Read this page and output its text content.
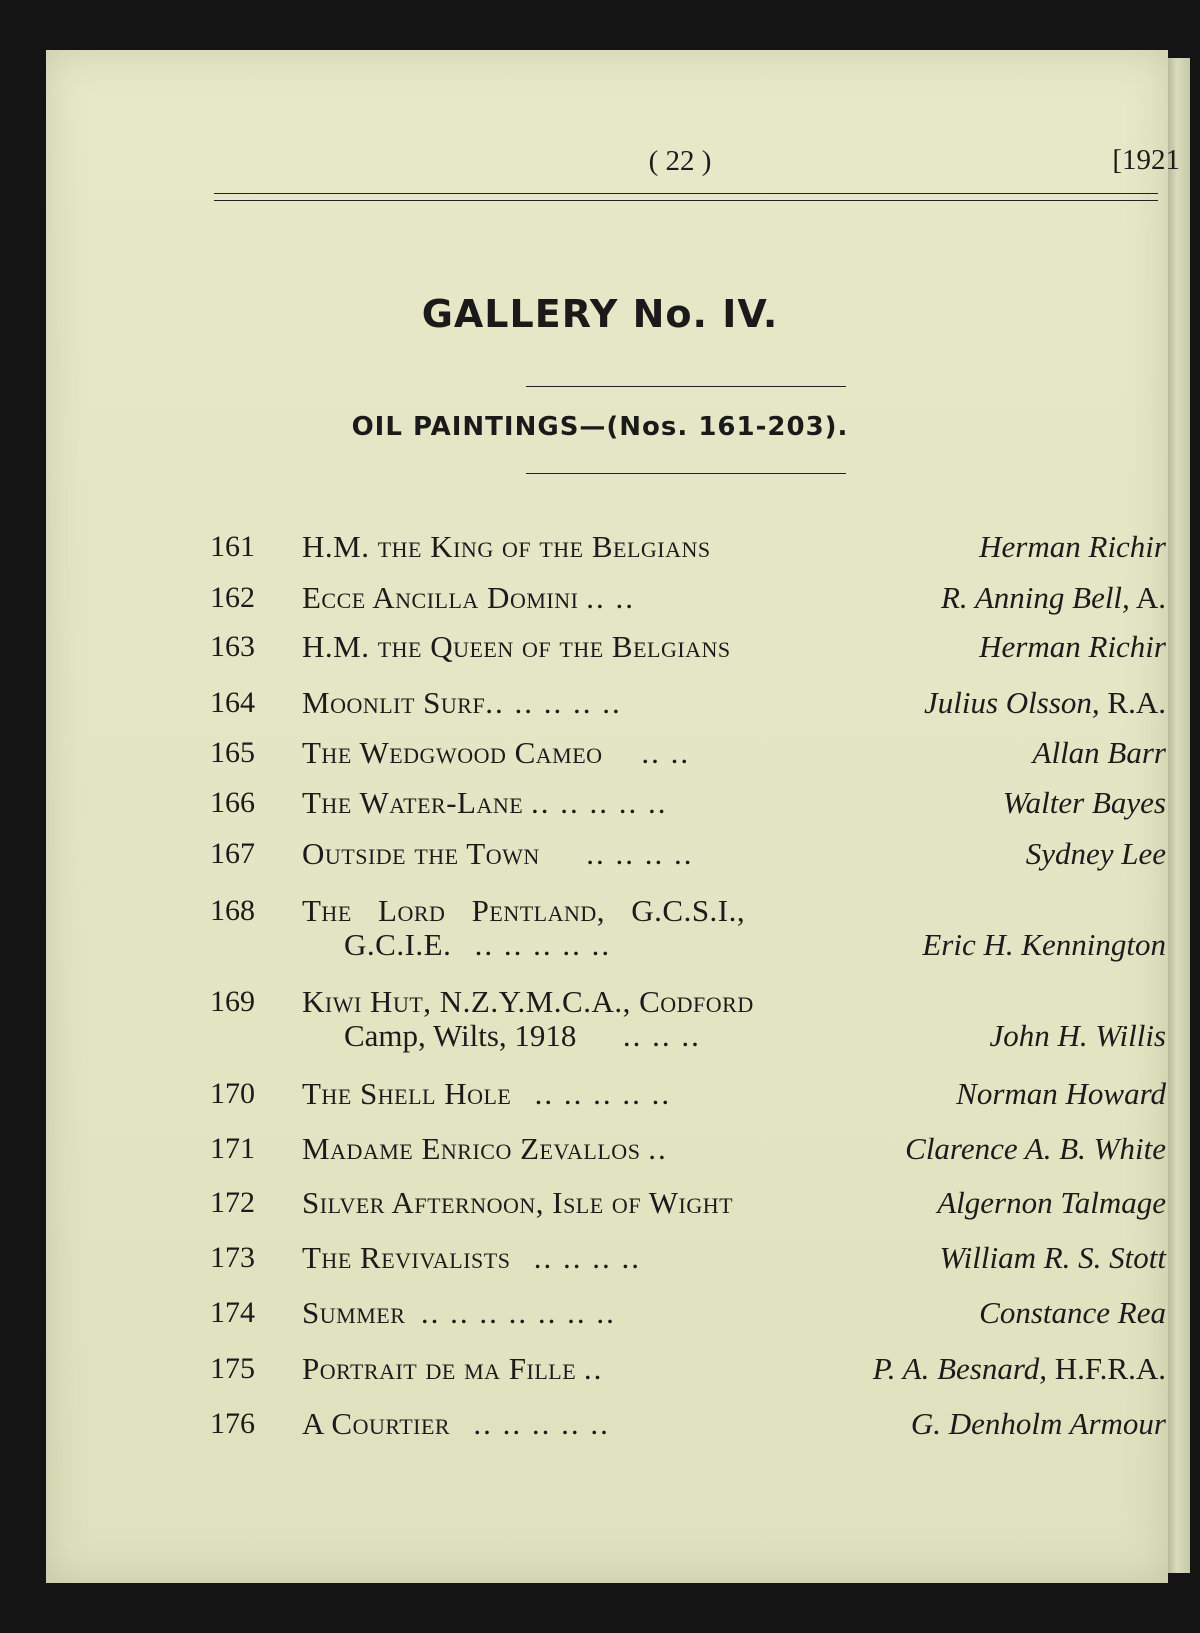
( 22 )	[1921
GALLERY No. IV.
OIL PAINTINGS—(Nos. 161-203).
161	H.M. the King of the Belgians	Herman Richir
162	Ecce Ancilla Domini .. ..	R. Anning Bell, A.
163	H.M. the Queen of the Belgians	Herman Richir
164	Moonlit Surf.. .. .. .. ..	Julius Olsson, R.A.
165	The Wedgwood Cameo .. ..	Allan Barr
166	The Water-Lane .. .. .. .. ..	Walter Bayes
167	Outside the Town .. .. .. ..	Sydney Lee
168	The Lord Pentland, G.C.S.I.,
G.C.I.E. .. .. .. .. ..	Eric H. Kennington
169	Kiwi Hut, N.Z.Y.M.C.A., Codford
Camp, Wilts, 1918 .. .. ..	John H. Willis
170	The Shell Hole .. .. .. .. ..	Norman Howard
171	Madame Enrico Zevallos ..	Clarence A. B. White
172	Silver Afternoon, Isle of Wight	Algernon Talmage
173	The Revivalists .. .. .. ..	William R. S. Stott
174	Summer .. .. .. .. .. .. ..	Constance Rea
175	Portrait de ma Fille ..	P. A. Besnard, H.F.R.A.
176	A Courtier .. .. .. .. ..	G. Denholm Armour
